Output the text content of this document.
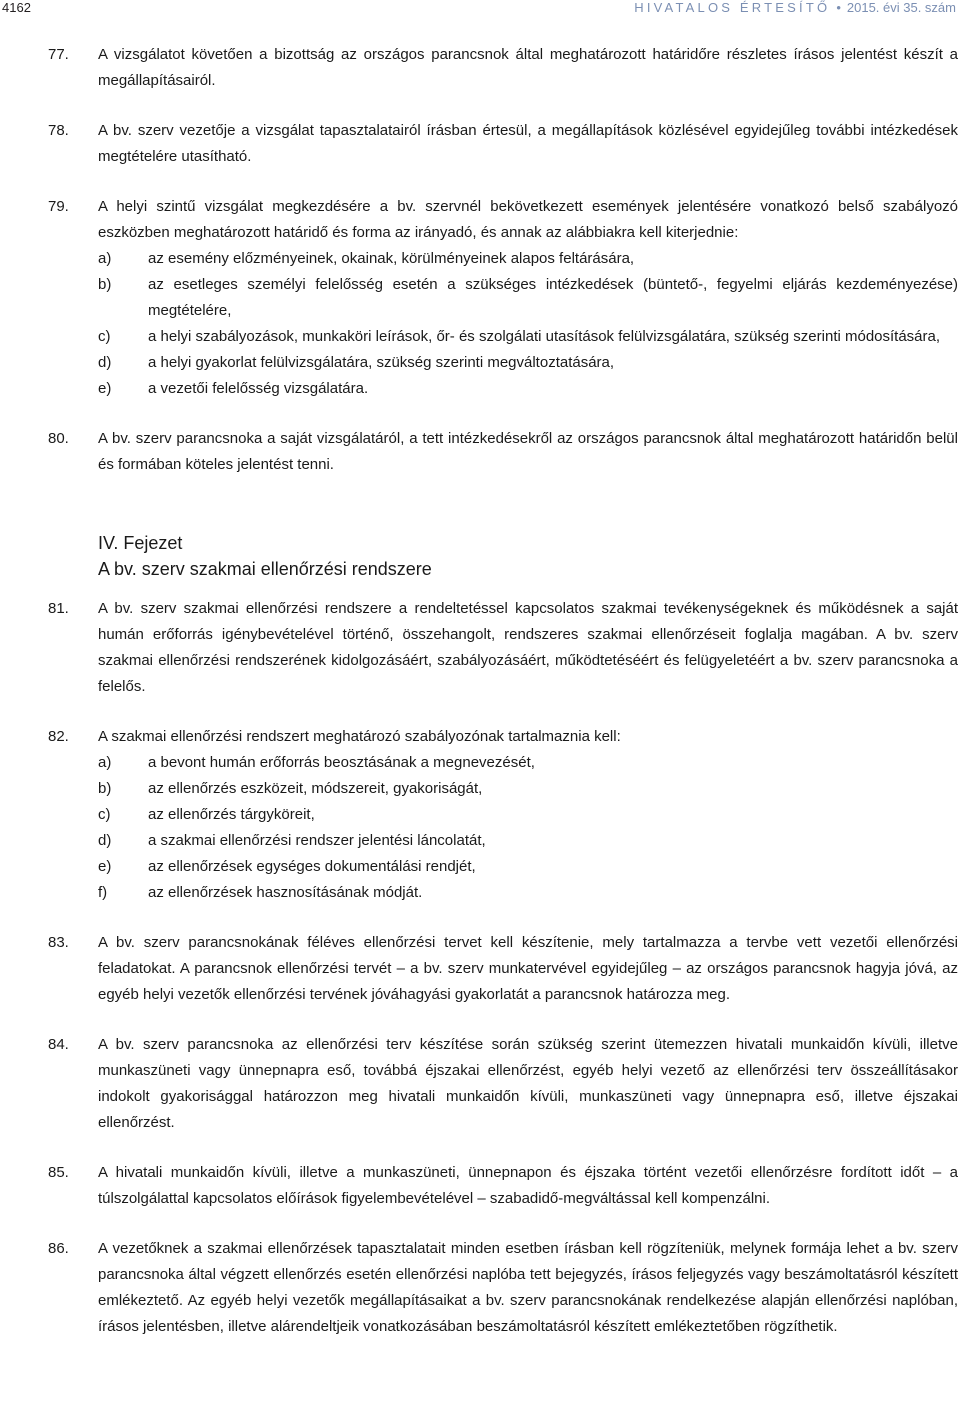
4162	HIVATALOS ÉRTESÍTŐ • 2015. évi 35. szám
77.	A vizsgálatot követően a bizottság az országos parancsnok által meghatározott határidőre részletes írásos jelentést készít a megállapításairól.

78.	A bv. szerv vezetője a vizsgálat tapasztalatairól írásban értesül, a megállapítások közlésével egyidejűleg további intézkedések megtételére utasítható.

79.	A helyi szintű vizsgálat megkezdésére a bv. szervnél bekövetkezett események jelentésére vonatkozó belső szabályozó eszközben meghatározott határidő és forma az irányadó, és annak az alábbiakra kell kiterjednie:

a)	az esemény előzményeinek, okainak, körülményeinek alapos feltárására,
b)	az esetleges személyi felelősség esetén a szükséges intézkedések (büntető-, fegyelmi eljárás kezdeményezése) megtételére,
c)	a helyi szabályozások, munkaköri leírások, őr- és szolgálati utasítások felülvizsgálatára, szükség szerinti módosítására,
d)	a helyi gyakorlat felülvizsgálatára, szükség szerinti megváltoztatására,
e)	a vezetői felelősség vizsgálatára.
80.	A bv. szerv parancsnoka a saját vizsgálatáról, a tett intézkedésekről az országos parancsnok által meghatározott határidőn belül és formában köteles jelentést tenni.

IV. Fejezet
A bv. szerv szakmai ellenőrzési rendszere
81.	A bv. szerv szakmai ellenőrzési rendszere a rendeltetéssel kapcsolatos szakmai tevékenységeknek és működésnek a saját humán erőforrás igénybevételével történő, összehangolt, rendszeres szakmai ellenőrzéseit foglalja magában. A bv. szerv szakmai ellenőrzési rendszerének kidolgozásáért, szabályozásáért, működtetéséért és felügyeletéért a bv. szerv parancsnoka a felelős.

82.	A szakmai ellenőrzési rendszert meghatározó szabályozónak tartalmaznia kell:

a)	a bevont humán erőforrás beosztásának a megnevezését,
b)	az ellenőrzés eszközeit, módszereit, gyakoriságát,
c)	az ellenőrzés tárgyköreit,
d)	a szakmai ellenőrzési rendszer jelentési láncolatát,
e)	az ellenőrzések egységes dokumentálási rendjét,
f)	az ellenőrzések hasznosításának módját.
83.	A bv. szerv parancsnokának féléves ellenőrzési tervet kell készítenie, mely tartalmazza a tervbe vett vezetői ellenőrzési feladatokat. A parancsnok ellenőrzési tervét – a bv. szerv munkatervével egyidejűleg – az országos parancsnok hagyja jóvá, az egyéb helyi vezetők ellenőrzési tervének jóváhagyási gyakorlatát a parancsnok határozza meg.

84.	A bv. szerv parancsnoka az ellenőrzési terv készítése során szükség szerint ütemezzen hivatali munkaidőn kívüli, illetve munkaszüneti vagy ünnepnapra eső, továbbá éjszakai ellenőrzést, egyéb helyi vezető az ellenőrzési terv összeállításakor indokolt gyakorisággal határozzon meg hivatali munkaidőn kívüli, munkaszüneti vagy ünnepnapra eső, illetve éjszakai ellenőrzést.

85.	A hivatali munkaidőn kívüli, illetve a munkaszüneti, ünnepnapon és éjszaka történt vezetői ellenőrzésre fordított időt – a túlszolgálattal kapcsolatos előírások figyelembevételével – szabadidő-megváltással kell kompenzálni.

86.	A vezetőknek a szakmai ellenőrzések tapasztalatait minden esetben írásban kell rögzíteniük, melynek formája lehet a bv. szerv parancsnoka által végzett ellenőrzés esetén ellenőrzési naplóba tett bejegyzés, írásos feljegyzés vagy beszámoltatásról készített emlékeztető. Az egyéb helyi vezetők megállapításaikat a bv. szerv parancsnokának rendelkezése alapján ellenőrzési naplóban, írásos jelentésben, illetve alárendeltjeik vonatkozásában beszámoltatásról készített emlékeztetőben rögzíthetik.
